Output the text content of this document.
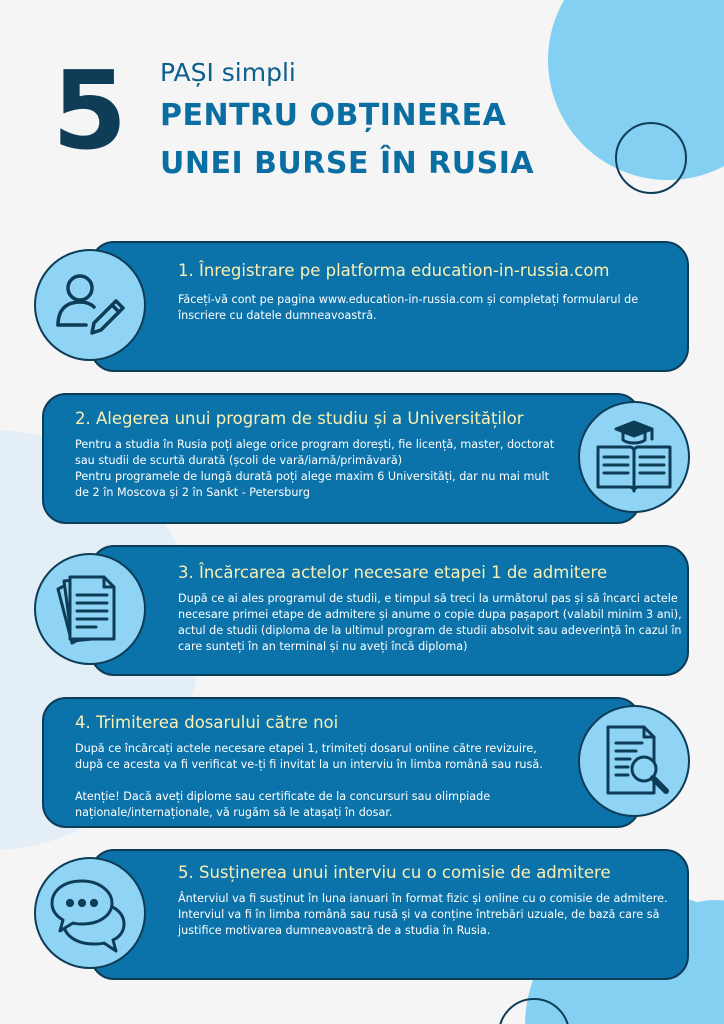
5 PAȘI simpli
PENTRU OBȚINEREA
UNEI BURSE ÎN RUSIA
1. Înregistrare pe platforma education-in-russia.com
Făceți-vă cont pe pagina www.education-in-russia.com și completați formularul de
înscriere cu datele dumneavoastră.
2. Alegerea unui program de studiu și a Universităților
Pentru a studia în Rusia poți alege orice program dorești, fie licență, master, doctorat
sau studii de scurtă durată (școli de vară/iarnă/primăvară)
Pentru programele de lungă durată poți alege maxim 6 Universități, dar nu mai mult
de 2 în Moscova și 2 în Sankt - Petersburg
3. Încărcarea actelor necesare etapei 1 de admitere
După ce ai ales programul de studii, e timpul să treci la următorul pas și să încarci actele
necesare primei etape de admitere și anume o copie dupa pașaport (valabil minim 3 ani),
actul de studii (diploma de la ultimul program de studii absolvit sau adeverință în cazul în
care sunteți în an terminal și nu aveți încă diploma)
4. Trimiterea dosarului către noi
După ce încărcați actele necesare etapei 1, trimiteți dosarul online către revizuire,
după ce acesta va fi verificat ve-ți fi invitat la un interviu în limba română sau rusă.
Atenție! Dacă aveți diplome sau certificate de la concursuri sau olimpiade
naționale/internaționale, vă rugăm să le atașați în dosar.
5. Susținerea unui interviu cu o comisie de admitere
Ânterviul va fi susținut în luna ianuari în format fizic și online cu o comisie de admitere.
Interviul va fi în limba română sau rusă și va conține întrebări uzuale, de bază care să
justifice motivarea dumneavoastră de a studia în Rusia.
